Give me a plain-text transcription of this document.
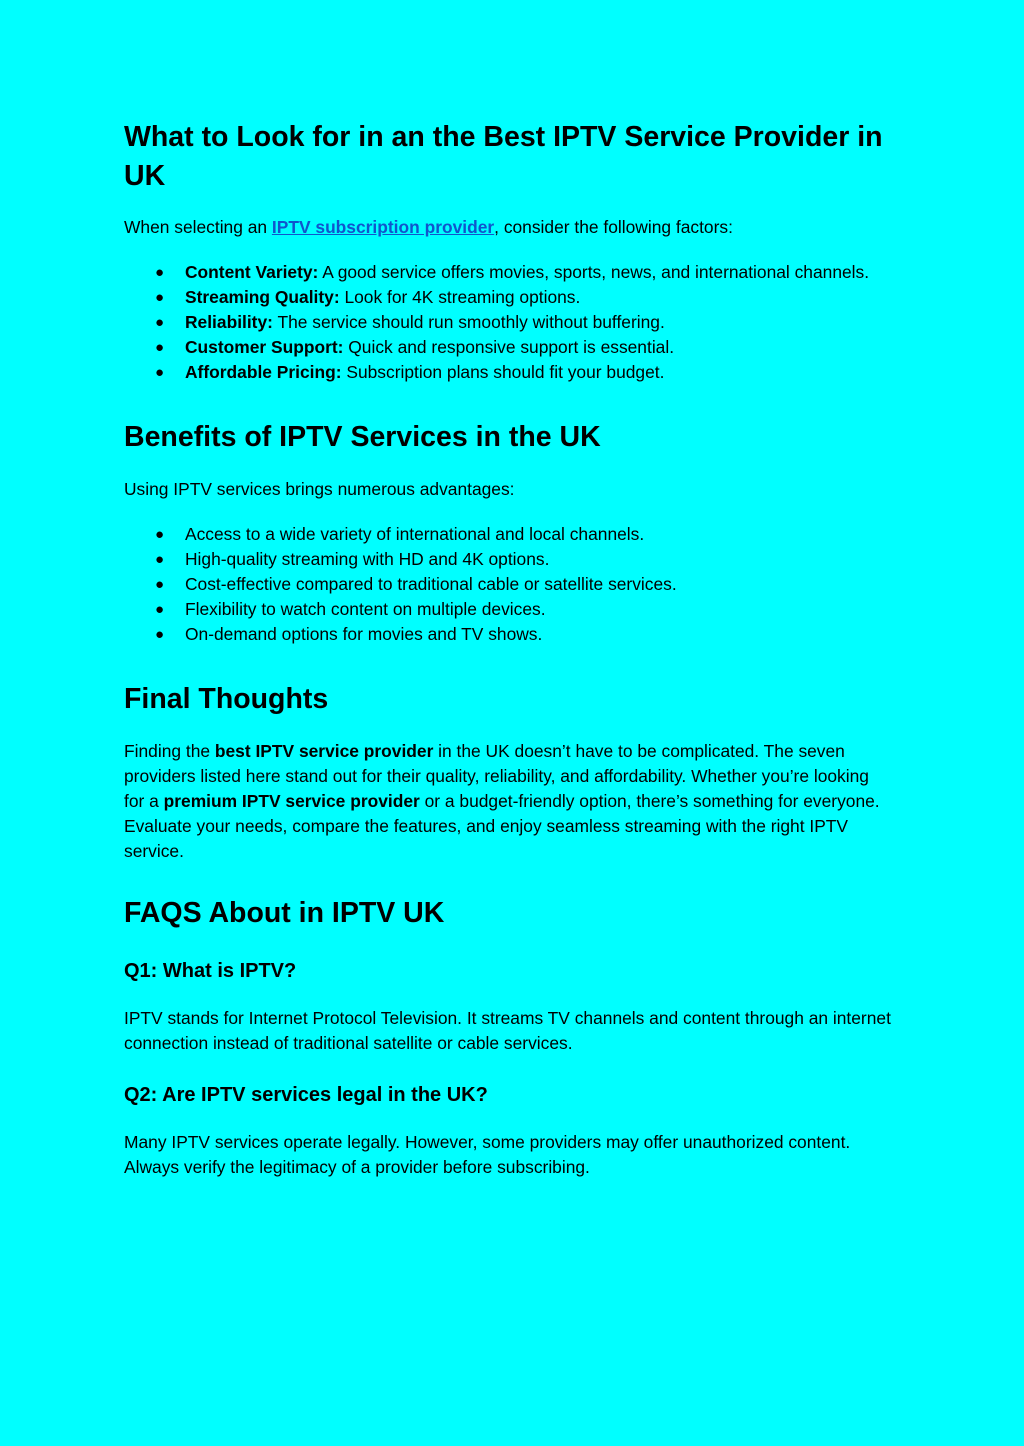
What to Look for in an the Best IPTV Service Provider in UK

When selecting an IPTV subscription provider, consider the following factors:

● Content Variety: A good service offers movies, sports, news, and international channels.
● Streaming Quality: Look for 4K streaming options.
● Reliability: The service should run smoothly without buffering.
● Customer Support: Quick and responsive support is essential.
● Affordable Pricing: Subscription plans should fit your budget.
Benefits of IPTV Services in the UK

Using IPTV services brings numerous advantages:

● Access to a wide variety of international and local channels.
● High-quality streaming with HD and 4K options.
● Cost-effective compared to traditional cable or satellite services.
● Flexibility to watch content on multiple devices.
● On-demand options for movies and TV shows.
Final Thoughts

Finding the best IPTV service provider in the UK doesn’t have to be complicated. The seven providers listed here stand out for their quality, reliability, and affordability. Whether you’re looking for a premium IPTV service provider or a budget-friendly option, there’s something for everyone. Evaluate your needs, compare the features, and enjoy seamless streaming with the right IPTV service.

FAQS About in IPTV UK
Q1: What is IPTV?

IPTV stands for Internet Protocol Television. It streams TV channels and content through an internet connection instead of traditional satellite or cable services.

Q2: Are IPTV services legal in the UK?

Many IPTV services operate legally. However, some providers may offer unauthorized content. Always verify the legitimacy of a provider before subscribing.
